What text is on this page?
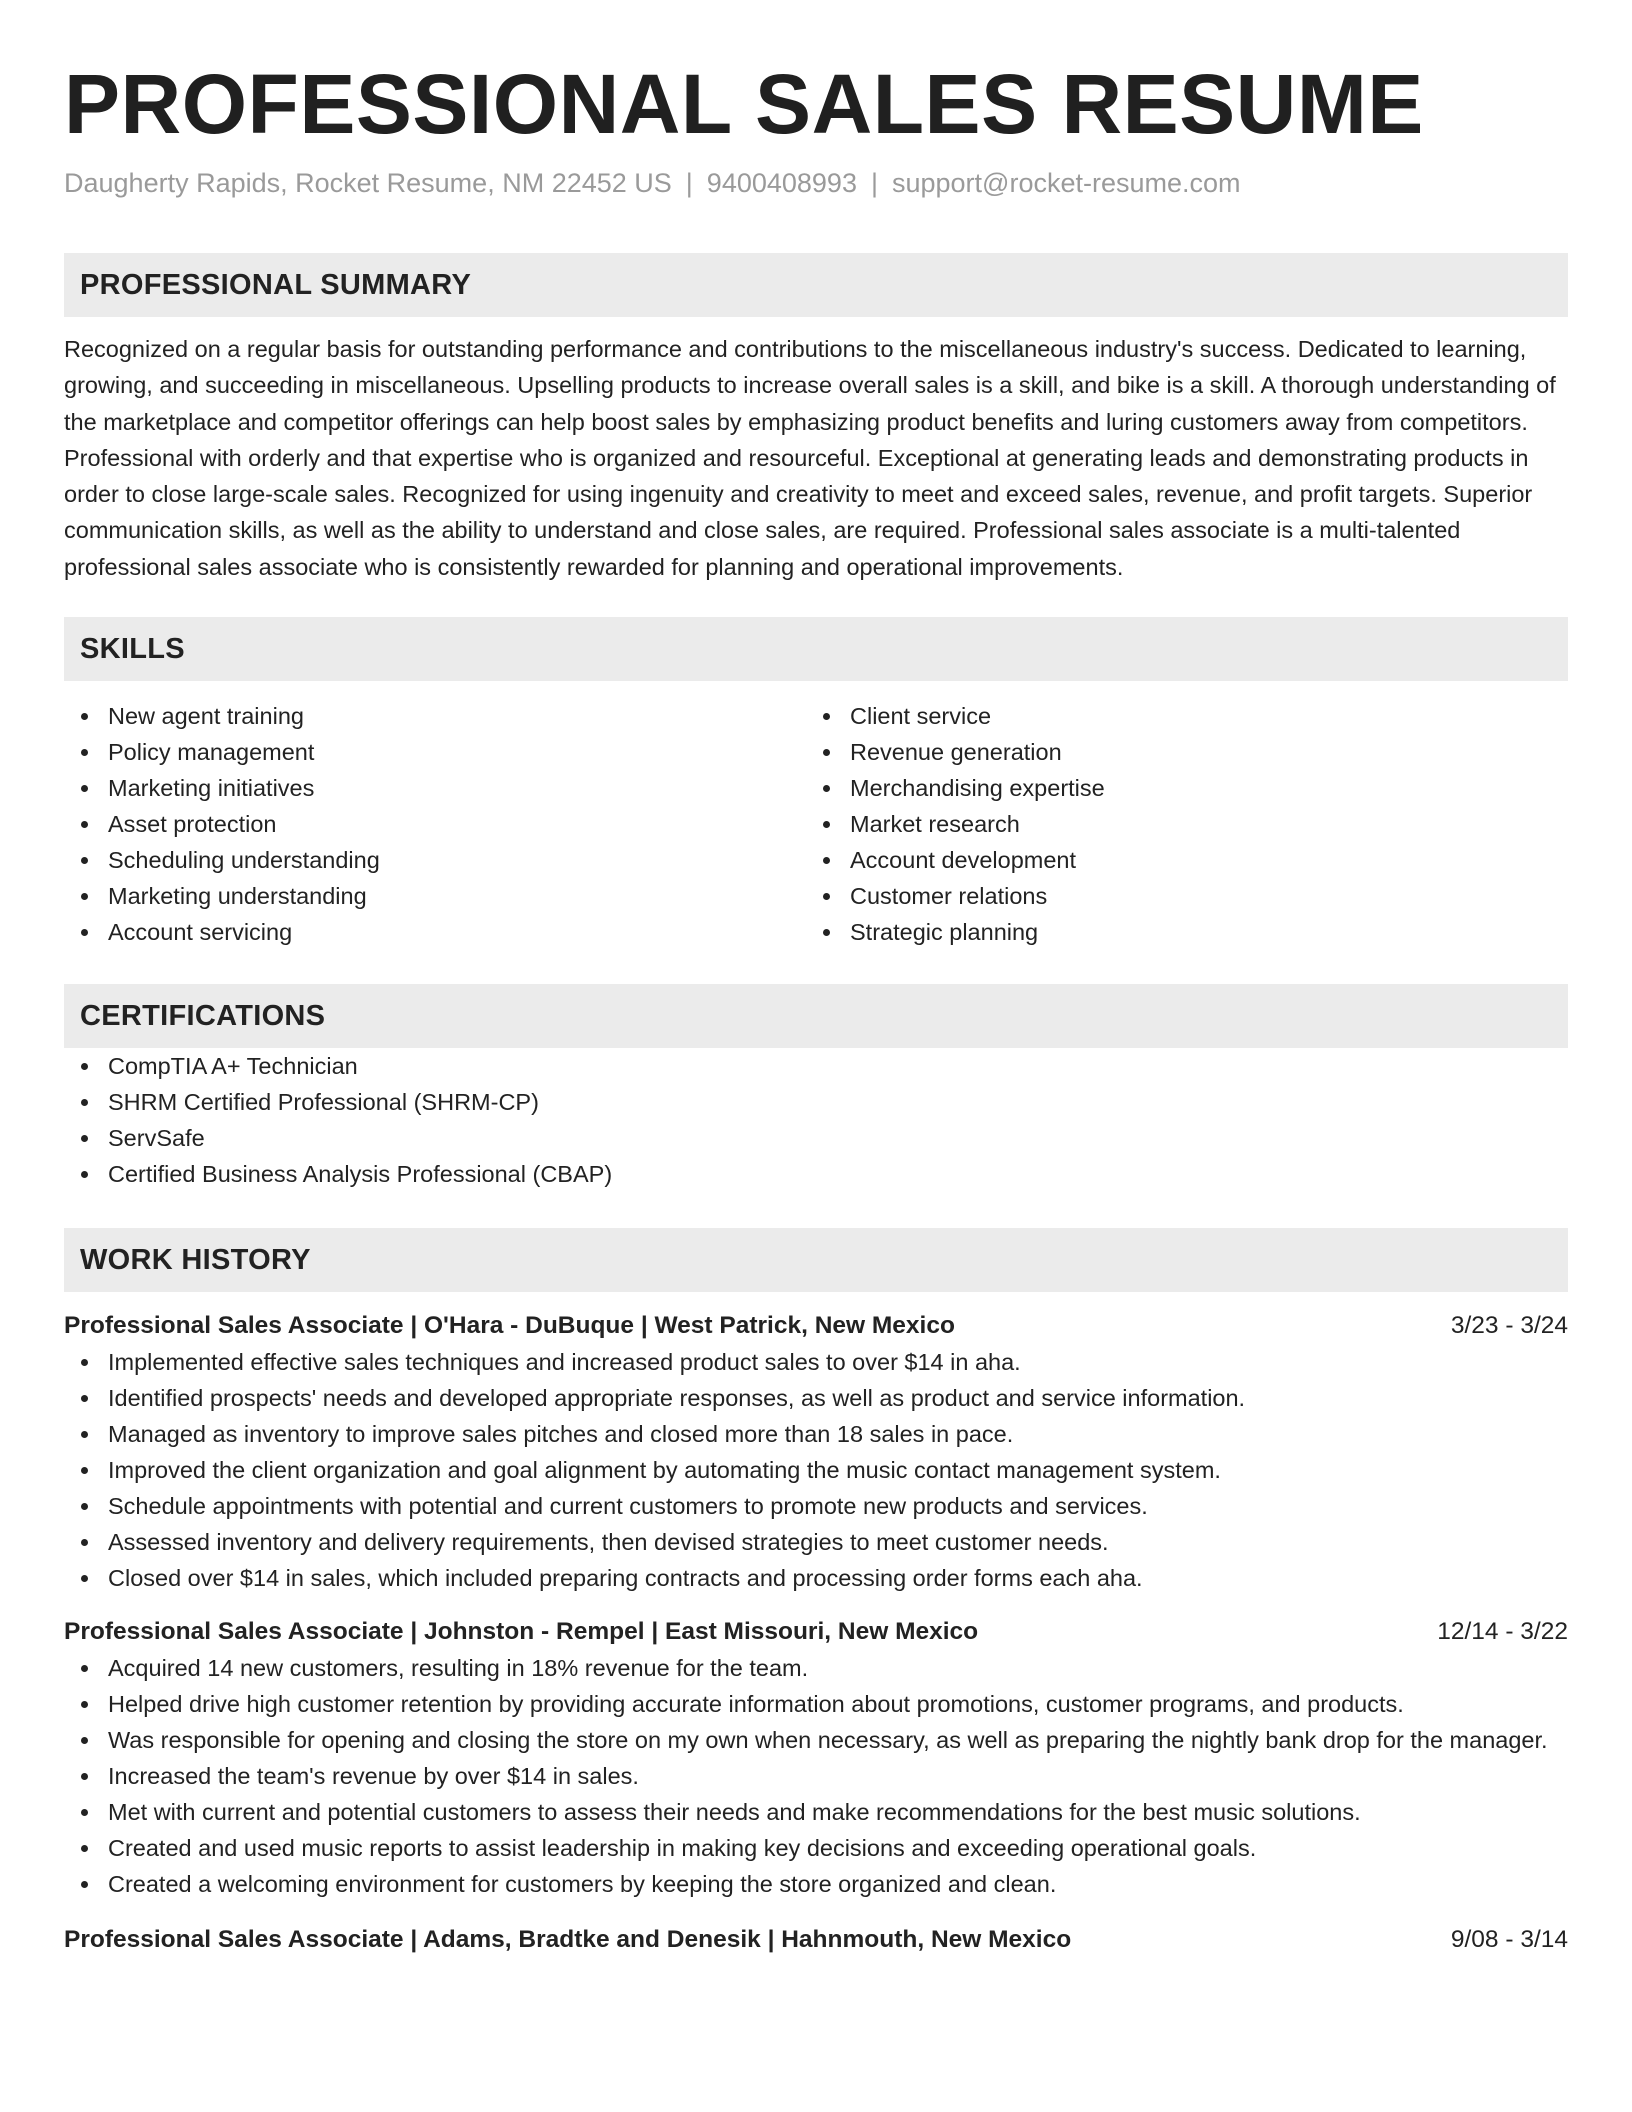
PROFESSIONAL SALES RESUME
Daugherty Rapids, Rocket Resume, NM 22452 US | 9400408993 | support@rocket-resume.com
PROFESSIONAL SUMMARY

Recognized on a regular basis for outstanding performance and contributions to the miscellaneous industry's success. Dedicated to learning, growing, and succeeding in miscellaneous. Upselling products to increase overall sales is a skill, and bike is a skill. A thorough understanding of the marketplace and competitor offerings can help boost sales by emphasizing product benefits and luring customers away from competitors. Professional with orderly and that expertise who is organized and resourceful. Exceptional at generating leads and demonstrating products in order to close large-scale sales. Recognized for using ingenuity and creativity to meet and exceed sales, revenue, and profit targets. Superior communication skills, as well as the ability to understand and close sales, are required. Professional sales associate is a multi-talented professional sales associate who is consistently rewarded for planning and operational improvements.

SKILLS
New agent training
Policy management
Marketing initiatives
Asset protection
Scheduling understanding
Marketing understanding
Account servicing
Client service
Revenue generation
Merchandising expertise
Market research
Account development
Customer relations
Strategic planning
CERTIFICATIONS
CompTIA A+ Technician
SHRM Certified Professional (SHRM-CP)
ServSafe
Certified Business Analysis Professional (CBAP)
WORK HISTORY
Professional Sales Associate | O'Hara - DuBuque | West Patrick, New Mexico	3/23 - 3/24
Implemented effective sales techniques and increased product sales to over $14 in aha.
Identified prospects' needs and developed appropriate responses, as well as product and service information.
Managed as inventory to improve sales pitches and closed more than 18 sales in pace.
Improved the client organization and goal alignment by automating the music contact management system.
Schedule appointments with potential and current customers to promote new products and services.
Assessed inventory and delivery requirements, then devised strategies to meet customer needs.
Closed over $14 in sales, which included preparing contracts and processing order forms each aha.
Professional Sales Associate | Johnston - Rempel | East Missouri, New Mexico	12/14 - 3/22
Acquired 14 new customers, resulting in 18% revenue for the team.
Helped drive high customer retention by providing accurate information about promotions, customer programs, and products.
Was responsible for opening and closing the store on my own when necessary, as well as preparing the nightly bank drop for the manager.
Increased the team's revenue by over $14 in sales.
Met with current and potential customers to assess their needs and make recommendations for the best music solutions.
Created and used music reports to assist leadership in making key decisions and exceeding operational goals.
Created a welcoming environment for customers by keeping the store organized and clean.
Professional Sales Associate | Adams, Bradtke and Denesik | Hahnmouth, New Mexico	9/08 - 3/14
